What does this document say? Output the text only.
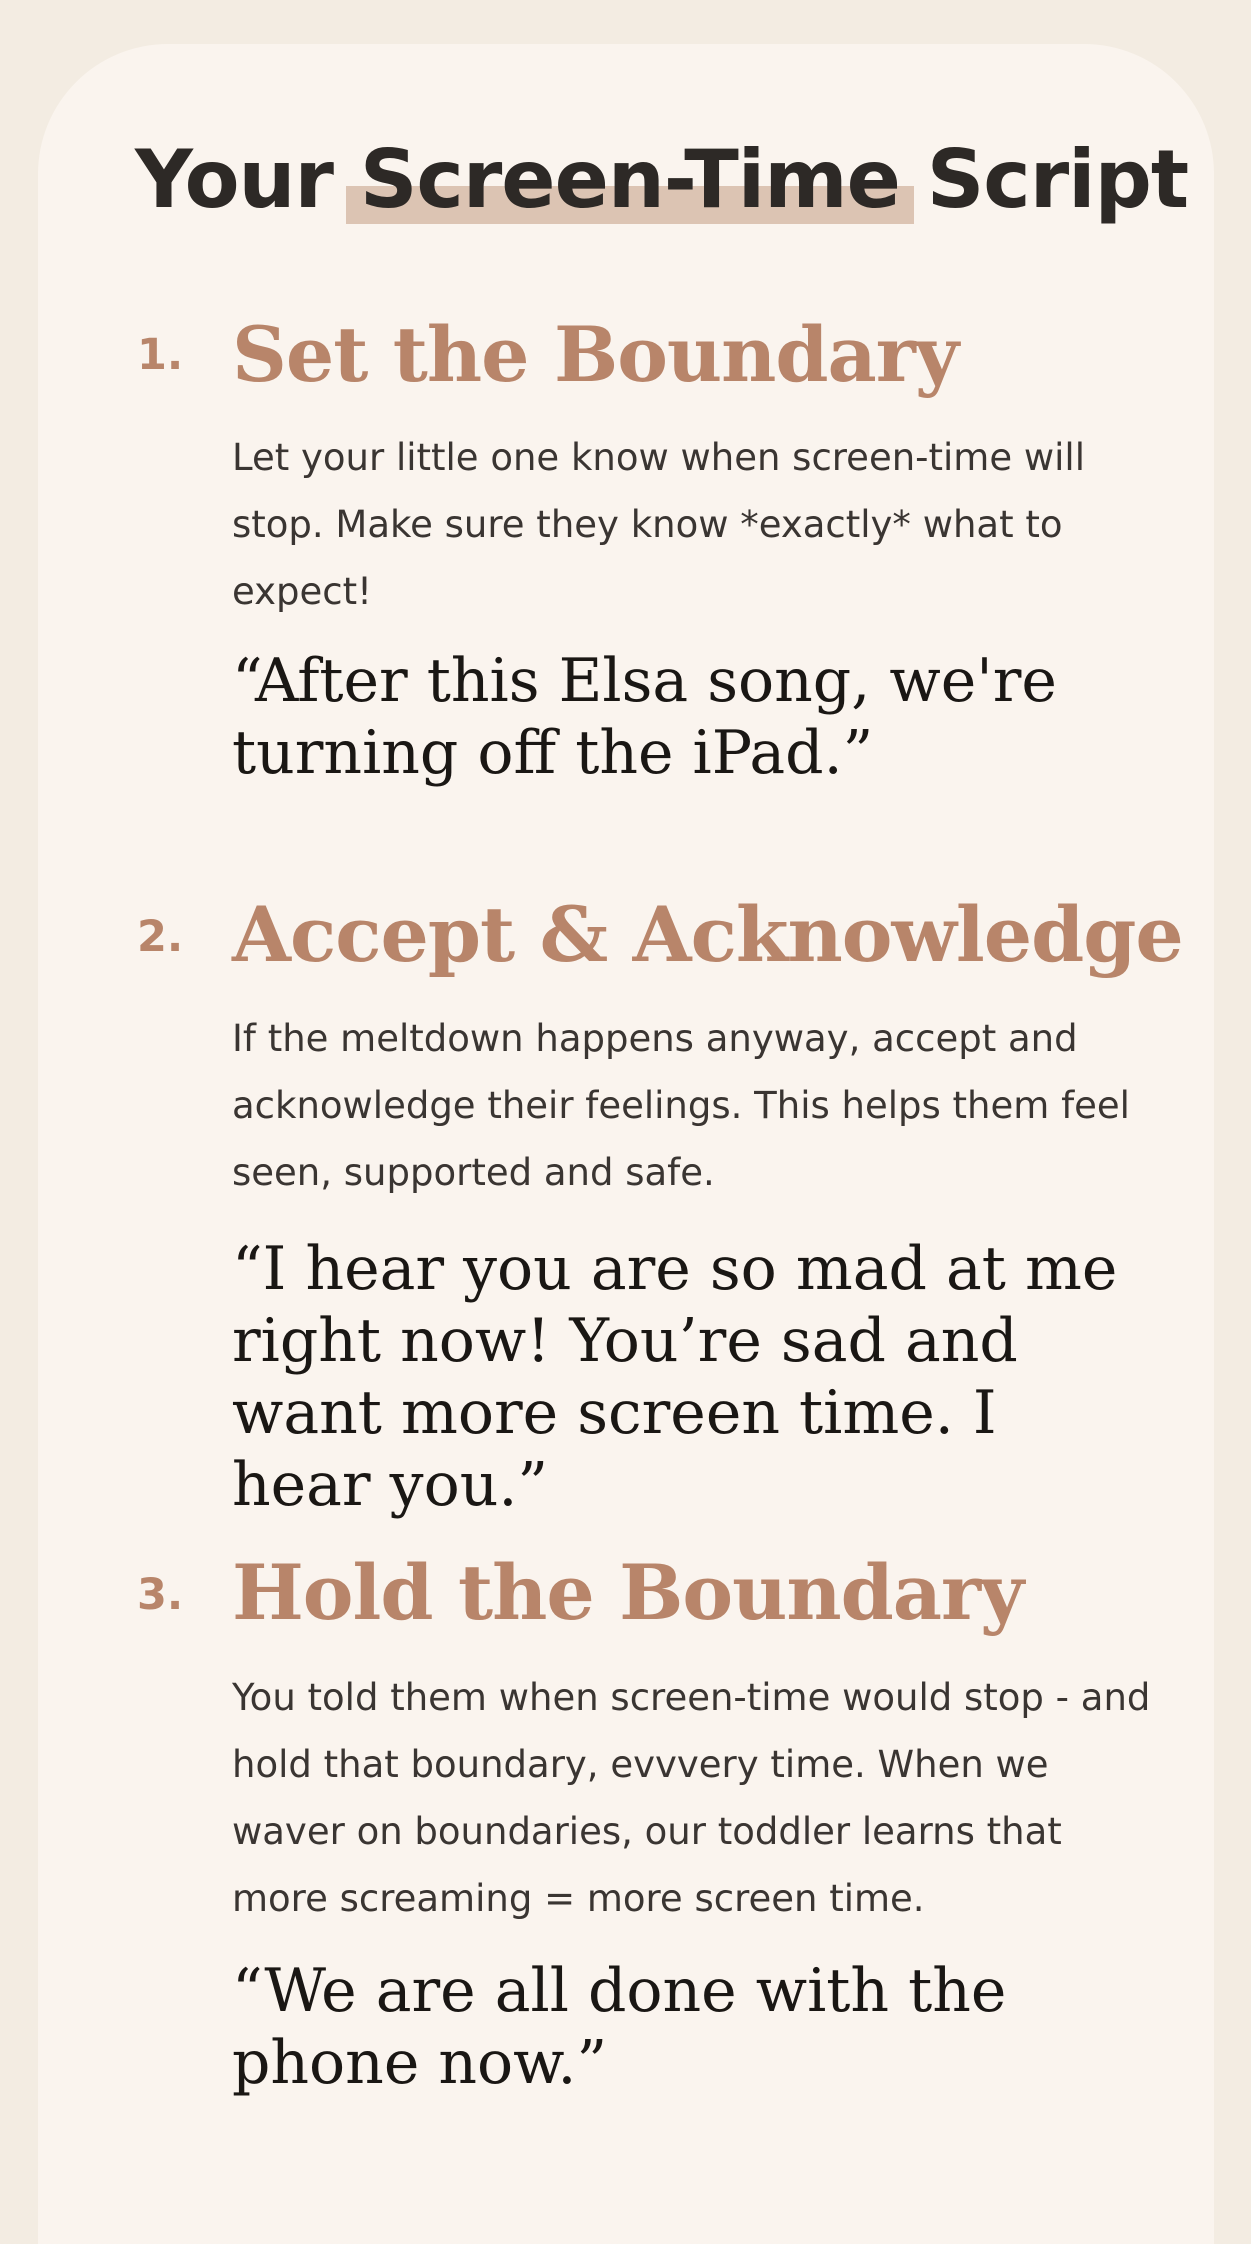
Your Screen-Time Script
1. Set the Boundary

Let your little one know when screen-time will stop. Make sure they know *exactly* what to expect!

“After this Elsa song, we're turning off the iPad.”

2. Accept & Acknowledge

If the meltdown happens anyway, accept and acknowledge their feelings. This helps them feel seen, supported and safe.

“I hear you are so mad at me right now! You’re sad and want more screen time. I hear you.”

3. Hold the Boundary

You told them when screen-time would stop - and hold that boundary, evvvery time. When we waver on boundaries, our toddler learns that more screaming = more screen time.

“We are all done with the phone now.”
